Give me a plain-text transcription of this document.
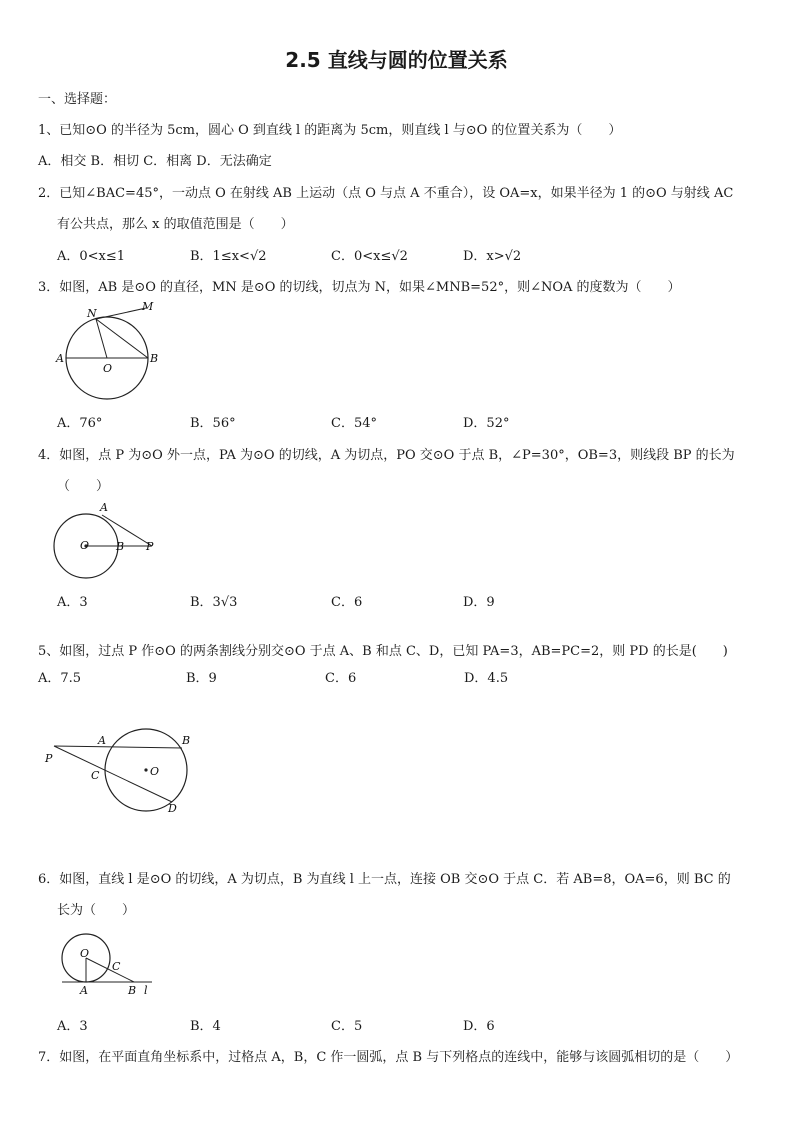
2.5 直线与圆的位置关系
一、选择题：
1、已知⊙O 的半径为 5cm，圆心 O 到直线 l 的距离为 5cm，则直线 l 与⊙O 的位置关系为（　　）
A．相交 B．相切 C．相离 D．无法确定
2．已知∠BAC=45°，一动点 O 在射线 AB 上运动（点 O 与点 A 不重合），设 OA=x，如果半径为 1 的⊙O 与射线 AC
有公共点，那么 x 的取值范围是（　　）
A．0<x≤1	B．1≤x<√2	C．0<x≤√2	D．x>√2
3．如图，AB 是⊙O 的直径，MN 是⊙O 的切线，切点为 N，如果∠MNB=52°，则∠NOA 的度数为（　　）
N
M
A	B
O
A．76°	B．56°	C．54°	D．52°
4．如图，点 P 为⊙O 外一点，PA 为⊙O 的切线，A 为切点，PO 交⊙O 于点 B，∠P=30°，OB=3，则线段 BP 的长为
（　　）
A
O B P
A．3	B．3√3	C．6	D．9
5、如图，过点 P 作⊙O 的两条割线分别交⊙O 于点 A、B 和点 C、D，已知 PA=3，AB=PC=2，则 PD 的长是(　　)
A．7.5	B．9	C．6	D．4.5
A	B
P
C	O
D
6．如图，直线 l 是⊙O 的切线，A 为切点，B 为直线 l 上一点，连接 OB 交⊙O 于点 C．若 AB=8，OA=6，则 BC 的
长为（　　）
O
C
A	B l
A．3	B．4	C．5	D．6
7．如图，在平面直角坐标系中，过格点 A，B，C 作一圆弧，点 B 与下列格点的连线中，能够与该圆弧相切的是（　　）
